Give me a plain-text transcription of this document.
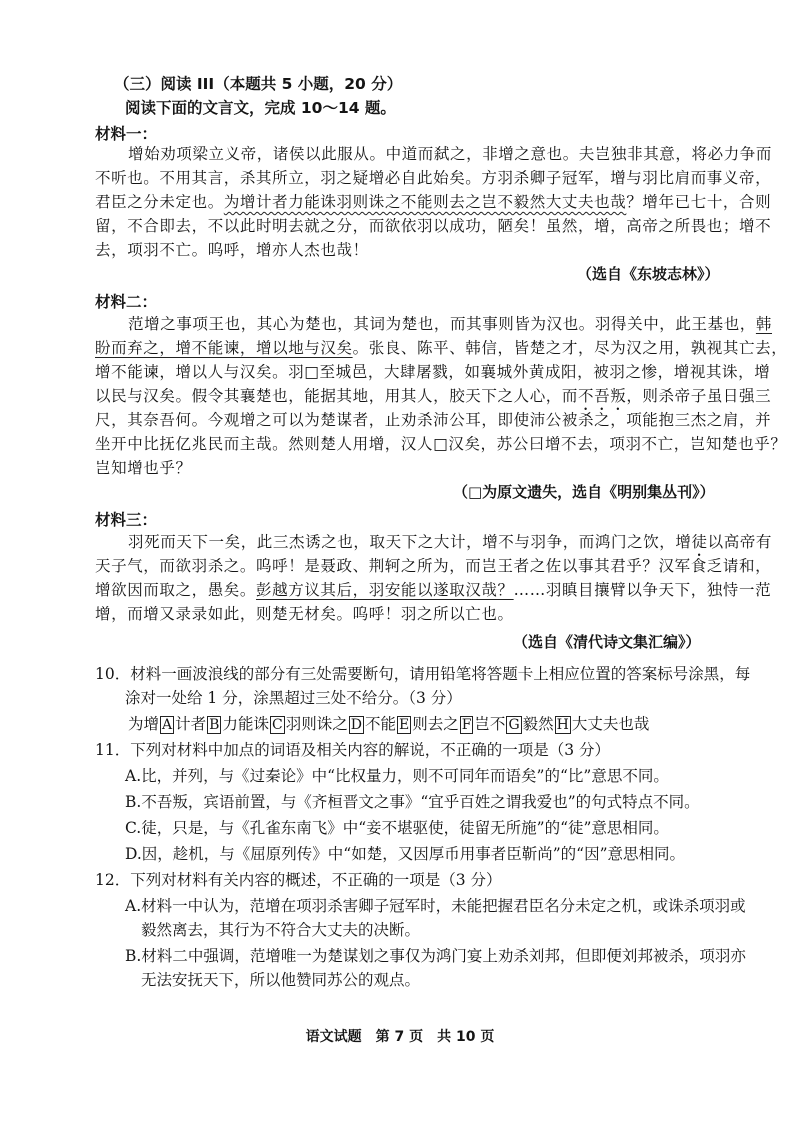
（三）阅读 III（本题共 5 小题，20 分）
阅读下面的文言文，完成 10～14 题。
材料一：
增始劝项梁立义帝，诸侯以此服从。中道而弑之，非增之意也。夫岂独非其意，将必力争而
不听也。不用其言，杀其所立，羽之疑增必自此始矣。方羽杀卿子冠军，增与羽比肩而事义帝，
君臣之分未定也。为增计者力能诛羽则诛之不能则去之岂不毅然大丈夫也哉？增年已七十，合则
留，不合即去，不以此时明去就之分，而欲依羽以成功，陋矣！虽然，增，高帝之所畏也；增不
去，项羽不亡。呜呼，增亦人杰也哉！
（选自《东坡志林》）
材料二：
范增之事项王也，其心为楚也，其词为楚也，而其事则皆为汉也。羽得关中，此王基也，韩
盼而弃之，增不能谏，增以地与汉矣。张良、陈平、韩信，皆楚之才，尽为汉之用，孰视其亡去，
增不能谏，增以人与汉矣。羽□至城邑，大肆屠戮，如襄城外黄成阳，被羽之惨，增视其诛，增
以民与汉矣。假令其襄楚也，能据其地，用其人，胶天下之人心，而不吾叛，则杀帝子虽日强三
尺，其奈吾何。今观增之可以为楚谋者，止劝杀沛公耳，即使沛公被杀之，项能抱三杰之肩，并
坐开中比抚亿兆民而主哉。然则楚人用增，汉人□汉矣，苏公曰增不去，项羽不亡，岂知楚也乎？
岂知增也乎？
（□为原文遗失，选自《明别集丛刊》）
材料三：
羽死而天下一矣，此三杰诱之也，取天下之大计，增不与羽争，而鸿门之饮，增徒以高帝有
天子气，而欲羽杀之。呜呼！是聂政、荆轲之所为，而岂王者之佐以事其君乎？汉军食乏请和，
增欲因而取之，愚矣。彭越方议其后，羽安能以遂取汉哉？……羽瞋目攘臂以争天下，独恃一范
增，而增又录录如此，则楚无材矣。呜呼！羽之所以亡也。
（选自《清代诗文集汇编》）
10．材料一画波浪线的部分有三处需要断句，请用铅笔将答题卡上相应位置的答案标号涂黑，每
涂对一处给 1 分，涂黑超过三处不给分。（3 分）
为增 A 计者 B 力能诛 C 羽则诛之 D 不能 E 则去之 F 岂不 G 毅然 H 大丈夫也哉
11．下列对材料中加点的词语及相关内容的解说，不正确的一项是（3 分）
A.比，并列，与《过秦论》中“比权量力，则不可同年而语矣”的“比”意思不同。
B.不吾叛，宾语前置，与《齐桓晋文之事》“宜乎百姓之谓我爱也”的句式特点不同。
C.徒，只是，与《孔雀东南飞》中“妾不堪驱使，徒留无所施”的“徒”意思相同。
D.因，趁机，与《屈原列传》中“如楚，又因厚币用事者臣靳尚”的“因”意思相同。
12．下列对材料有关内容的概述，不正确的一项是（3 分）
A.材料一中认为，范增在项羽杀害卿子冠军时，未能把握君臣名分未定之机，或诛杀项羽或
毅然离去，其行为不符合大丈夫的决断。
B.材料二中强调，范增唯一为楚谋划之事仅为鸿门宴上劝杀刘邦，但即便刘邦被杀，项羽亦
无法安抚天下，所以他赞同苏公的观点。
语文试题　第 7 页　共 10 页
